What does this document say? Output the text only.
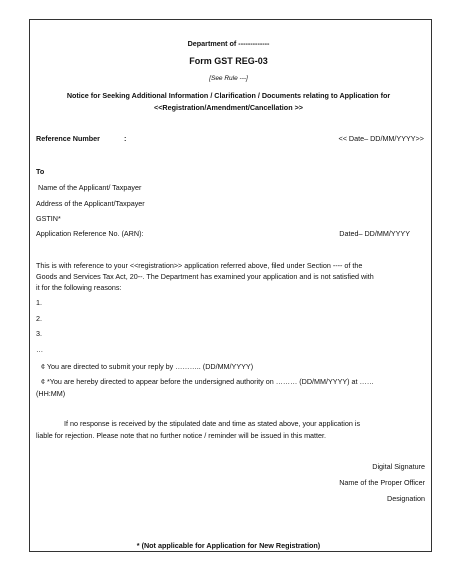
Department of -------------
Form GST REG-03
[See Rule ---]
Notice for Seeking Additional Information / Clarification / Documents relating to Application for
<<Registration/Amendment/Cancellation >>
Reference Number	:	<< Date– DD/MM/YYYY>>
To
Name of the Applicant/ Taxpayer
Address of the Applicant/Taxpayer
GSTIN*
Application Reference No. (ARN):	Dated– DD/MM/YYYY
This is with reference to your <<registration>> application referred above, filed under Section ---- of the
Goods and Services Tax Act, 20--. The Department has examined your application and is not satisfied with
it for the following reasons:
1.
2.
3.
…
¢ You are directed to submit your reply by ……….. (DD/MM/YYYY)
¢ *You are hereby directed to appear before the undersigned authority on ……… (DD/MM/YYYY) at ……
(HH:MM)
If no response is received by the stipulated date and time as stated above, your application is
liable for rejection. Please note that no further notice / reminder will be issued in this matter.
Digital Signature
Name of the Proper Officer
Designation
* (Not applicable for Application for New Registration)
